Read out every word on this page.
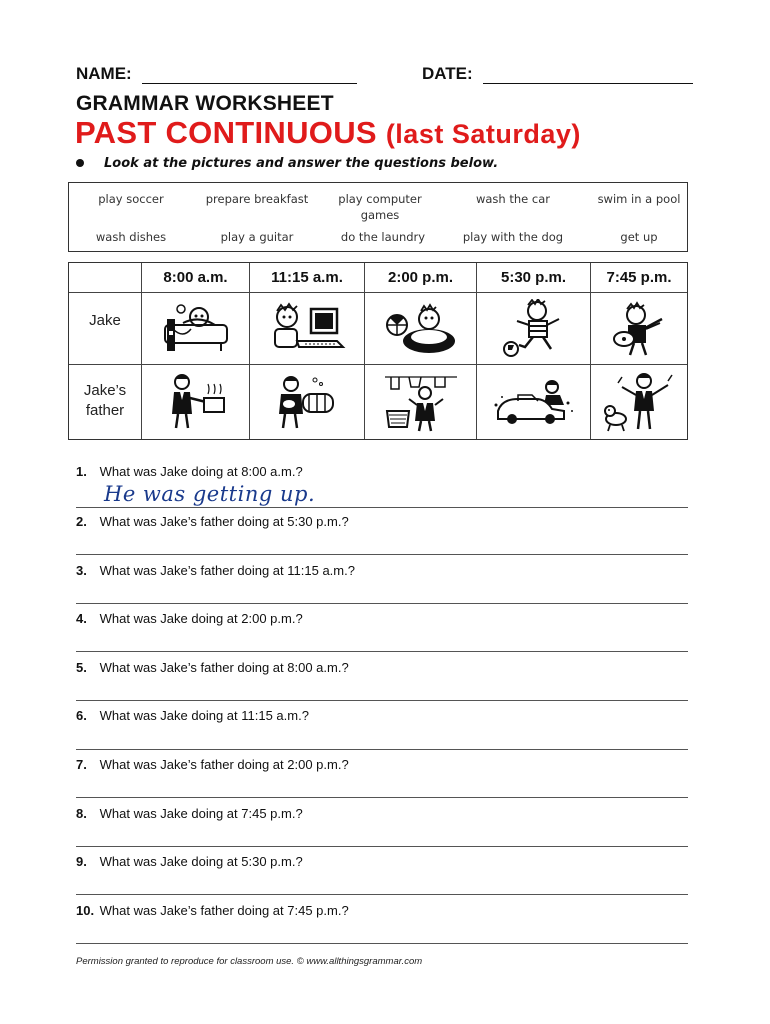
NAME:	DATE:
GRAMMAR WORKSHEET
PAST CONTINUOUS (last Saturday)
Look at the pictures and answer the questions below.
play soccer	prepare breakfast	play computer games
wash the car	swim in a pool
wash dishes	play a guitar	do the laundry	play with the dog	get up
8:00 a.m.	11:15 a.m.	2:00 p.m.	5:30 p.m.	7:45 p.m.
Jake
Jake’s father
1. What was Jake doing at 8:00 a.m.?
He was getting up.
2. What was Jake’s father doing at 5:30 p.m.?
3. What was Jake’s father doing at 11:15 a.m.?
4. What was Jake doing at 2:00 p.m.?
5. What was Jake’s father doing at 8:00 a.m.?
6. What was Jake doing at 11:15 a.m.?
7. What was Jake’s father doing at 2:00 p.m.?
8. What was Jake doing at 7:45 p.m.?
9. What was Jake doing at 5:30 p.m.?
10. What was Jake’s father doing at 7:45 p.m.?
Permission granted to reproduce for classroom use. © www.allthingsgrammar.com
